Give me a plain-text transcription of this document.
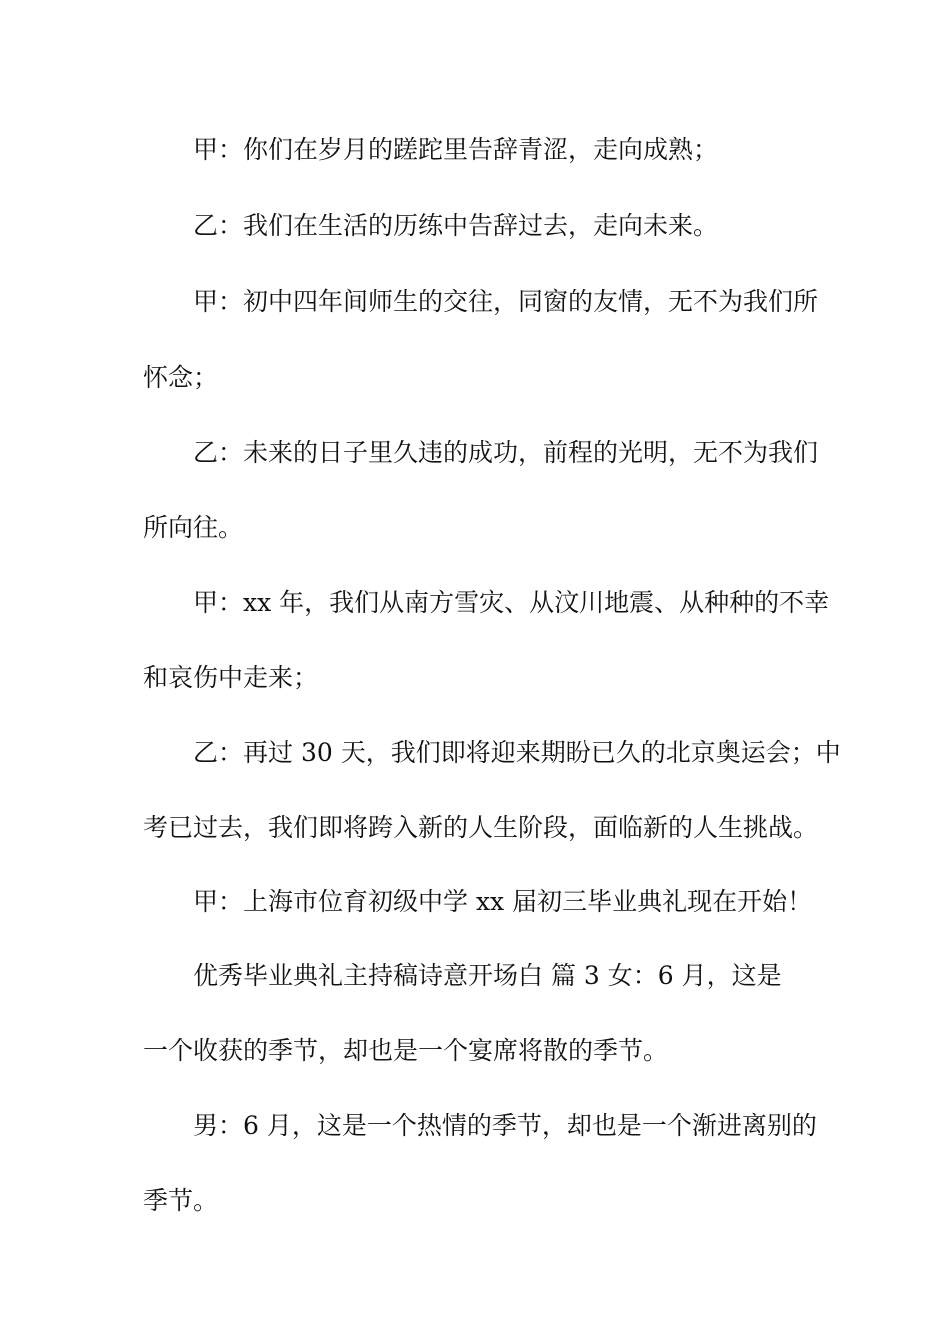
甲：你们在岁月的蹉跎里告辞青涩，走向成熟；
乙：我们在生活的历练中告辞过去，走向未来。
甲：初中四年间师生的交往，同窗的友情，无不为我们所
怀念；
乙：未来的日子里久违的成功，前程的光明，无不为我们
所向往。
甲：xx 年，我们从南方雪灾、从汶川地震、从种种的不幸
和哀伤中走来；
乙：再过 30 天，我们即将迎来期盼已久的北京奥运会；中
考已过去，我们即将跨入新的人生阶段，面临新的人生挑战。
甲：上海市位育初级中学 xx 届初三毕业典礼现在开始！
优秀毕业典礼主持稿诗意开场白 篇 3 女：6 月，这是
一个收获的季节，却也是一个宴席将散的季节。
男：6 月，这是一个热情的季节，却也是一个渐进离别的
季节。
